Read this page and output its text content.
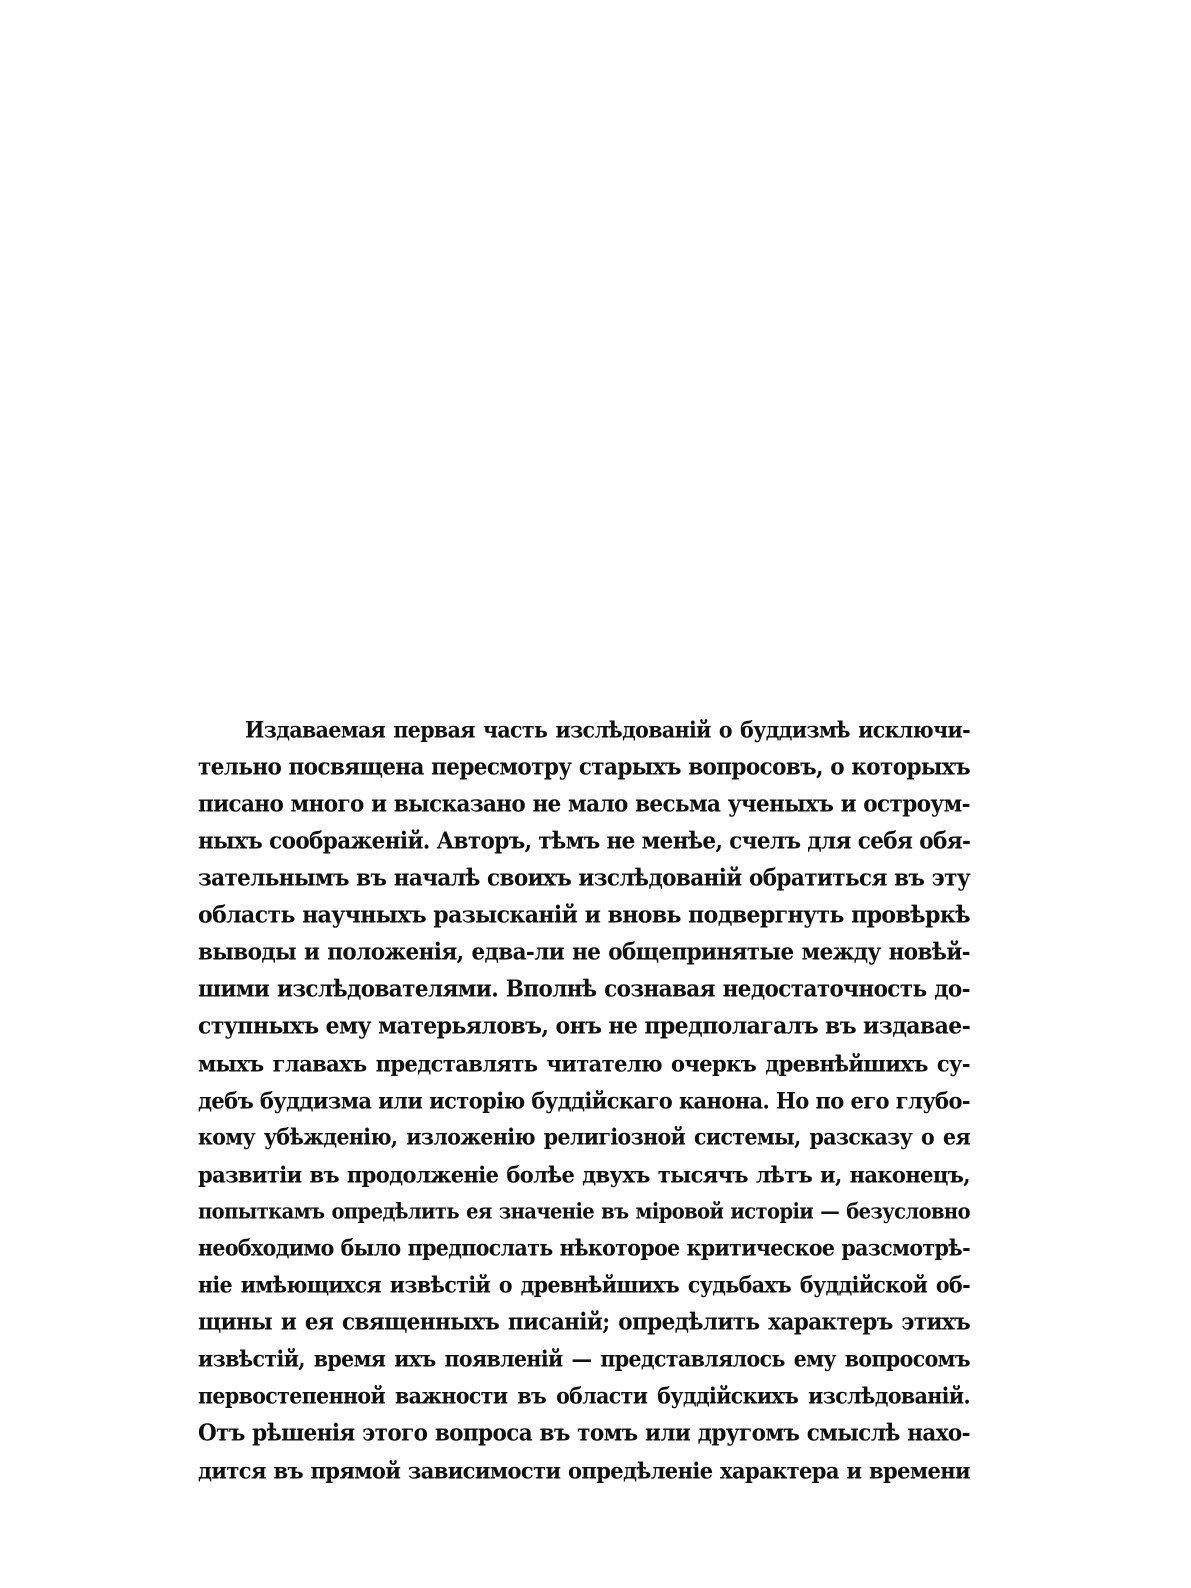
Издаваемая первая часть изслѣдованій о буддизмѣ исключи-
тельно посвящена пересмотру старыхъ вопросовъ, о которыхъ
писано много и высказано не мало весьма ученыхъ и остроум-
ныхъ соображеній. Авторъ, тѣмъ не менѣе, счелъ для себя обя-
зательнымъ въ началѣ своихъ изслѣдованій обратиться въ эту
область научныхъ разысканій и вновь подвергнуть провѣркѣ
выводы и положенія, едва-ли не общепринятые между новѣй-
шими изслѣдователями. Вполнѣ сознавая недостаточность до-
ступныхъ ему матерьяловъ, онъ не предполагалъ въ издавае-
мыхъ главахъ представлять читателю очеркъ древнѣйшихъ су-
дебъ буддизма или исторію буддійскаго канона. Но по его глубо-
кому убѣжденію, изложенію религіозной системы, разсказу о ея
развитіи въ продолженіе болѣе двухъ тысячъ лѣтъ и, наконецъ,
попыткамъ опредѣлить ея значеніе въ міровой исторіи — безусловно
необходимо было предпослать нѣкоторое критическое разсмотрѣ-
ніе имѣющихся извѣстій о древнѣйшихъ судьбахъ буддійской об-
щины и ея священныхъ писаній; опредѣлить характеръ этихъ
извѣстій, время ихъ появленій — представлялось ему вопросомъ
первостепенной важности въ области буддійскихъ изслѣдованій.
Отъ рѣшенія этого вопроса въ томъ или другомъ смыслѣ нахо-
дится въ прямой зависимости опредѣленіе характера и времени
